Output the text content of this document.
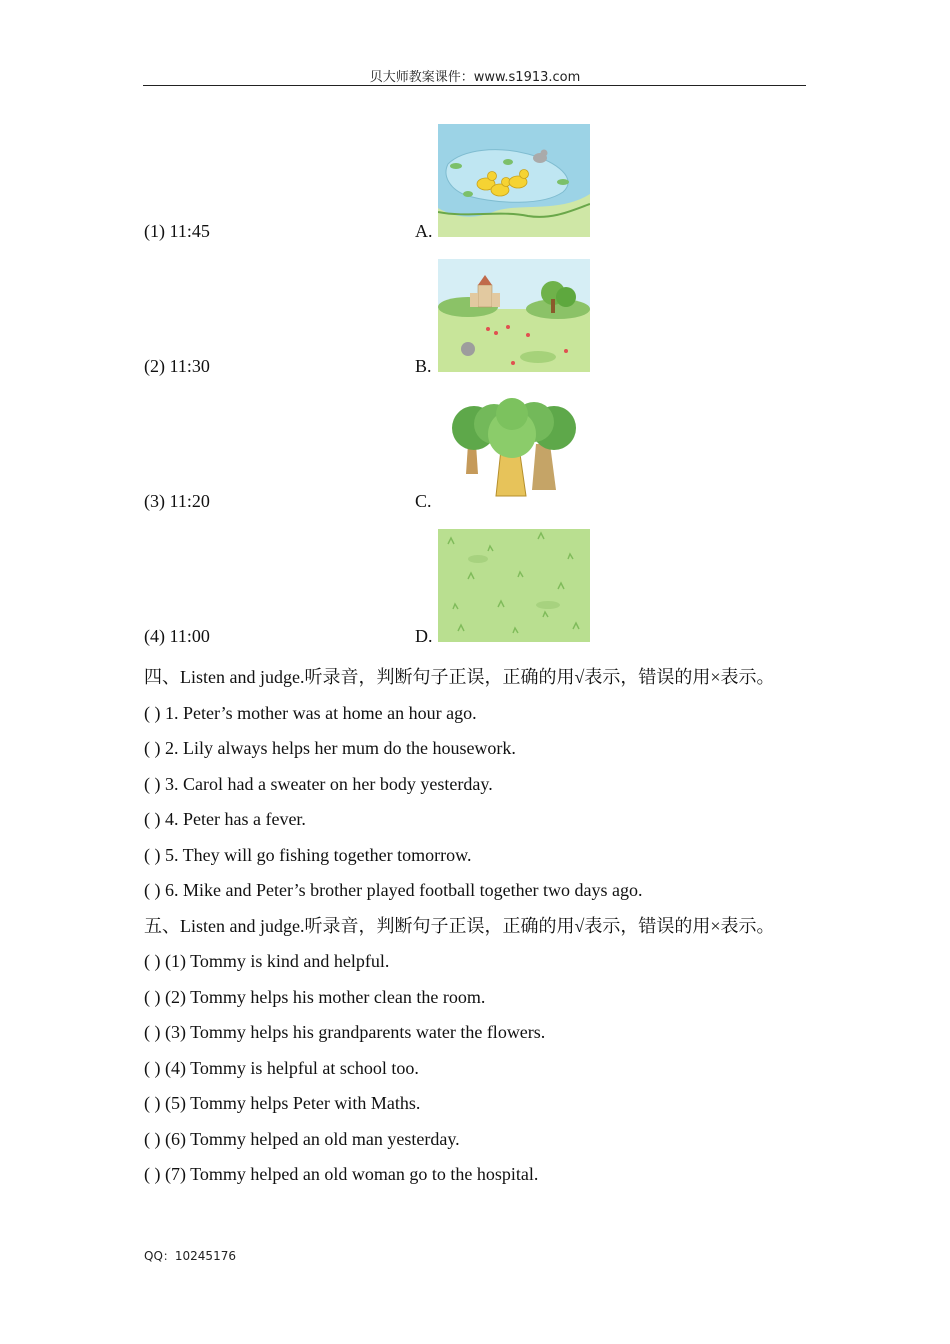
贝大师教案课件：www.s1913.com
(1) 11:45	A.
(2) 11:30	B.
(3) 11:20	C.
(4) 11:00	D.
四、Listen and judge.听录音，判断句子正误，正确的用√表示，错误的用×表示。
( ) 1. Peter’s mother was at home an hour ago.
( ) 2. Lily always helps her mum do the housework.
( ) 3. Carol had a sweater on her body yesterday.
( ) 4. Peter has a fever.
( ) 5. They will go fishing together tomorrow.
( ) 6. Mike and Peter’s brother played football together two days ago.
五、Listen and judge.听录音，判断句子正误，正确的用√表示，错误的用×表示。
( ) (1) Tommy is kind and helpful.
( ) (2) Tommy helps his mother clean the room.
( ) (3) Tommy helps his grandparents water the flowers.
( ) (4) Tommy is helpful at school too.
( ) (5) Tommy helps Peter with Maths.
( ) (6) Tommy helped an old man yesterday.
( ) (7) Tommy helped an old woman go to the hospital.
QQ：10245176
